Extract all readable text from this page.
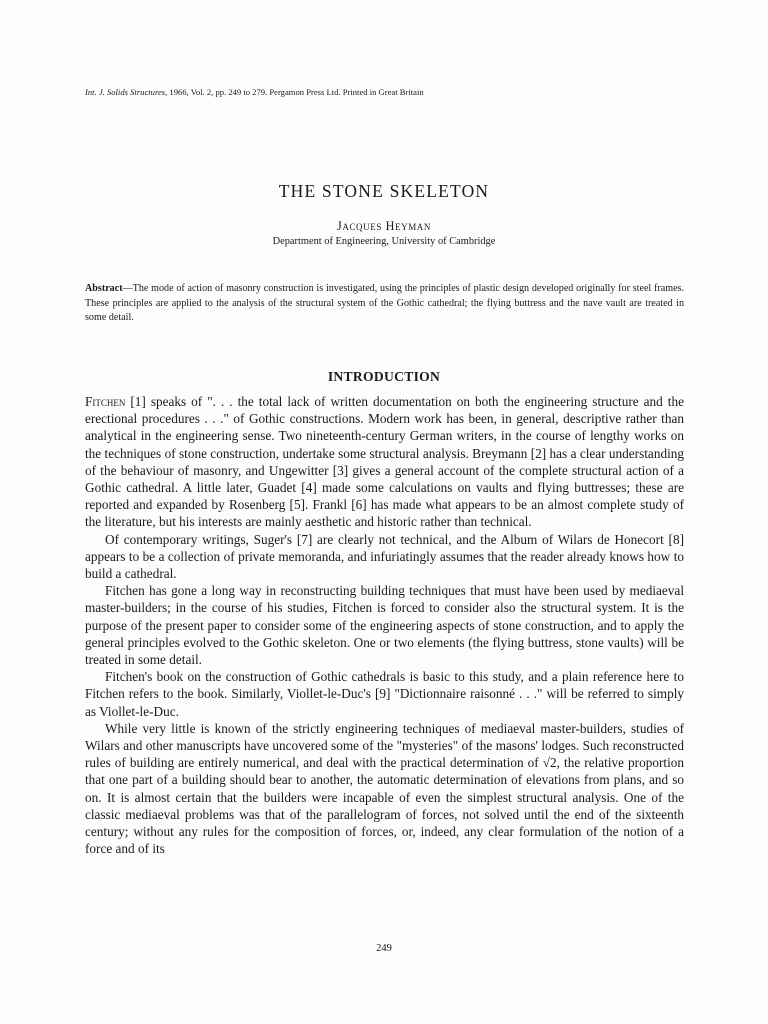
Int. J. Solids Structures, 1966, Vol. 2, pp. 249 to 279. Pergamon Press Ltd. Printed in Great Britain
THE STONE SKELETON
Jacques Heyman
Department of Engineering, University of Cambridge
Abstract—The mode of action of masonry construction is investigated, using the principles of plastic design developed originally for steel frames. These principles are applied to the analysis of the structural system of the Gothic cathedral; the flying buttress and the nave vault are treated in some detail.
INTRODUCTION

Fitchen [1] speaks of ". . . the total lack of written documentation on both the engineering structure and the erectional procedures . . ." of Gothic constructions. Modern work has been, in general, descriptive rather than analytical in the engineering sense. Two nineteenth-century German writers, in the course of lengthy works on the techniques of stone construction, undertake some structural analysis. Breymann [2] has a clear understanding of the behaviour of masonry, and Ungewitter [3] gives a general account of the complete structural action of a Gothic cathedral. A little later, Guadet [4] made some calculations on vaults and flying buttresses; these are reported and expanded by Rosenberg [5]. Frankl [6] has made what appears to be an almost complete study of the literature, but his interests are mainly aesthetic and historic rather than technical.

Of contemporary writings, Suger's [7] are clearly not technical, and the Album of Wilars de Honecort [8] appears to be a collection of private memoranda, and infuriatingly assumes that the reader already knows how to build a cathedral.

Fitchen has gone a long way in reconstructing building techniques that must have been used by mediaeval master-builders; in the course of his studies, Fitchen is forced to consider also the structural system. It is the purpose of the present paper to consider some of the engineering aspects of stone construction, and to apply the general principles evolved to the Gothic skeleton. One or two elements (the flying buttress, stone vaults) will be treated in some detail.

Fitchen's book on the construction of Gothic cathedrals is basic to this study, and a plain reference here to Fitchen refers to the book. Similarly, Viollet-le-Duc's [9] "Dictionnaire raisonné . . ." will be referred to simply as Viollet-le-Duc.

While very little is known of the strictly engineering techniques of mediaeval master-builders, studies of Wilars and other manuscripts have uncovered some of the "mysteries" of the masons' lodges. Such reconstructed rules of building are entirely numerical, and deal with the practical determination of √2, the relative proportion that one part of a building should bear to another, the automatic determination of elevations from plans, and so on. It is almost certain that the builders were incapable of even the simplest structural analysis. One of the classic mediaeval problems was that of the parallelogram of forces, not solved until the end of the sixteenth century; without any rules for the composition of forces, or, indeed, any clear formulation of the notion of a force and of its

249
